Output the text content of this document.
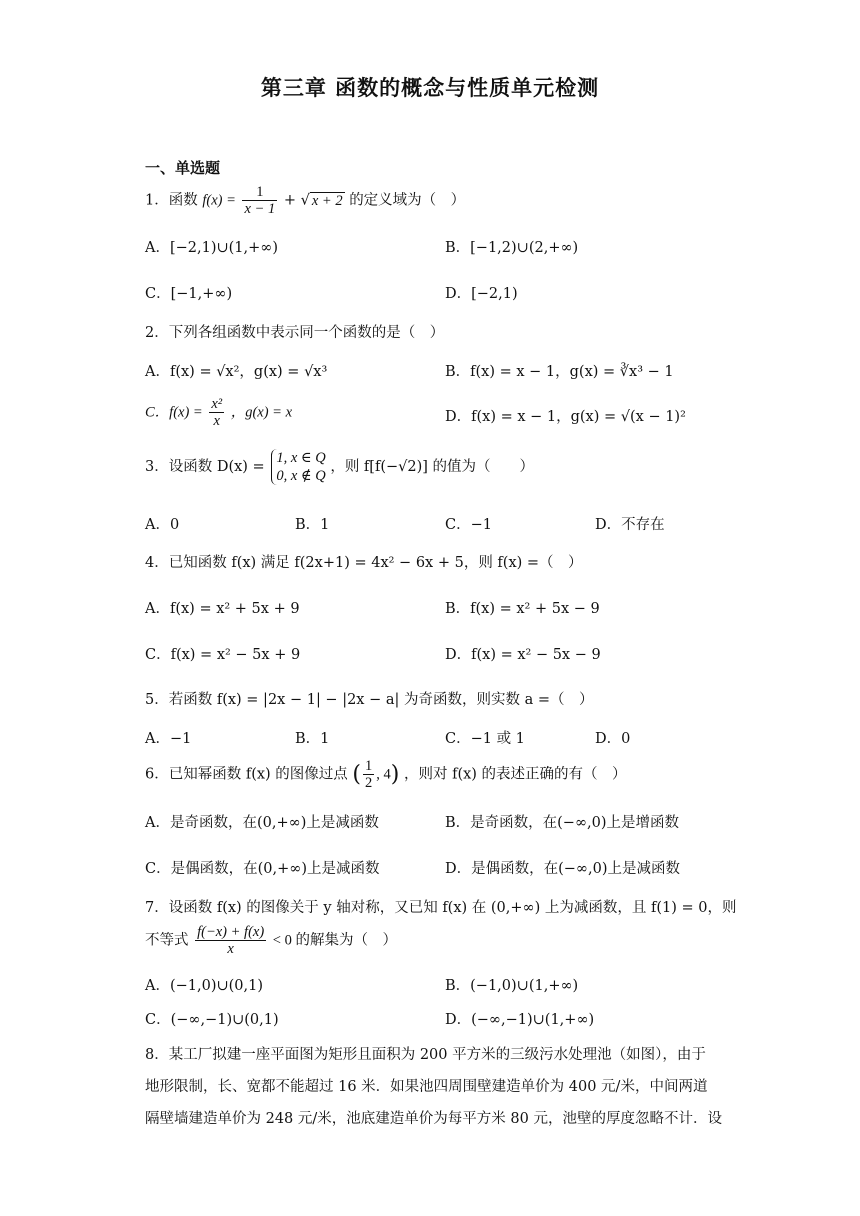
第三章 函数的概念与性质单元检测
一、单选题
1．函数 $f(x) = \frac{1}{x - 1}$ + √ x + 2 的定义域为（　）
A．[−2,1)∪(1,+∞)	B．[−1,2)∪(2,+∞)
C．[−1,+∞)	D．[−2,1)
2．下列各组函数中表示同一个函数的是（　）
A．f(x) = √x²，g(x) = √x³	B．f(x) = x − 1，g(x) = ∛x³ − 1
C．$f(x) = \frac{\text{x²}}{x}$ ，g(x) = x	D．f(x) = x − 1，g(x) = √(x − 1)²
3．设函数 D(x) =
1, x ∈ Q
0, x ∉ Q
，则 f[f(−√2)] 的值为（　　）
A．0	B．1	C．−1	D．不存在
4．已知函数 f(x) 满足 f(2x+1) = 4x² − 6x + 5，则 f(x) =（　）
A．f(x) = x² + 5x + 9	B．f(x) = x² + 5x − 9
C．f(x) = x² − 5x + 9	D．f(x) = x² − 5x − 9
5．若函数 f(x) = |2x − 1| − |2x − a| 为奇函数，则实数 a =（　）
A．−1	B．1	C．−1 或 1	D．0
6．已知幂函数 f(x) 的图像过点 ( $\frac{1}{2}$ , 4) ，则对 f(x) 的表述正确的有（　）
A．是奇函数，在(0,+∞)上是减函数	B．是奇函数，在(−∞,0)上是增函数
C．是偶函数，在(0,+∞)上是减函数	D．是偶函数，在(−∞,0)上是减函数
7．设函数 f(x) 的图像关于 y 轴对称，又已知 f(x) 在 (0,+∞) 上为减函数，且 f(1) = 0，则
不等式 $\frac{f(-x) + f(x)}{x} < 0$ 的解集为（　）
A．(−1,0)∪(0,1)	B．(−1,0)∪(1,+∞)
C．(−∞,−1)∪(0,1)	D．(−∞,−1)∪(1,+∞)
8．某工厂拟建一座平面图为矩形且面积为 200 平方米的三级污水处理池（如图），由于
地形限制，长、宽都不能超过 16 米．如果池四周围壁建造单价为 400 元/米，中间两道
隔壁墙建造单价为 248 元/米，池底建造单价为每平方米 80 元，池壁的厚度忽略不计．设
